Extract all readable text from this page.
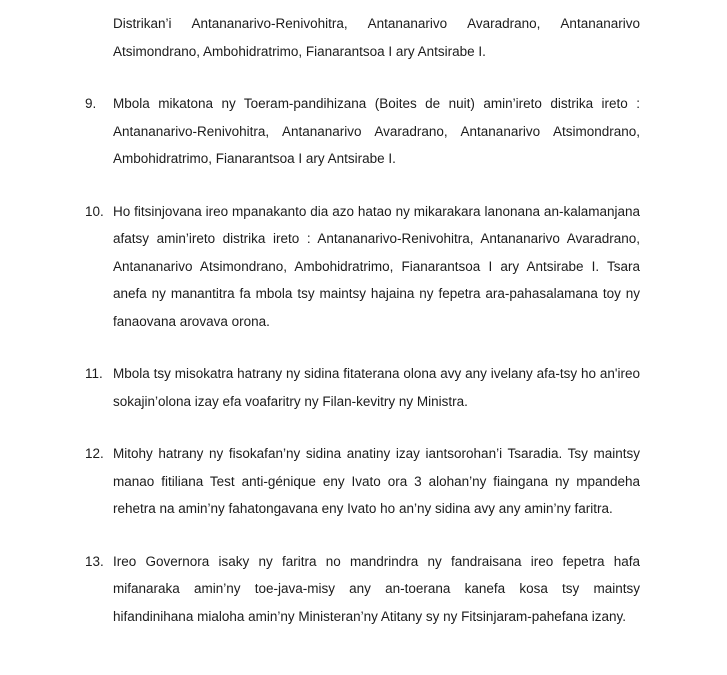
Distrikan’i Antananarivo-Renivohitra, Antananarivo Avaradrano, Antananarivo Atsimondrano, Ambohidratrimo, Fianarantsoa I ary Antsirabe I.

9.	Mbola mikatona ny Toeram-pandihizana (Boites de nuit) amin’ireto distrika ireto : Antananarivo-Renivohitra, Antananarivo Avaradrano, Antananarivo Atsimondrano, Ambohidratrimo, Fianarantsoa I ary Antsirabe I.
10. Ho fitsinjovana ireo mpanakanto dia azo hatao ny mikarakara lanonana an-kalamanjana afatsy amin’ireto distrika ireto : Antananarivo-Renivohitra, Antananarivo Avaradrano, Antananarivo Atsimondrano, Ambohidratrimo, Fianarantsoa I ary Antsirabe I. Tsara anefa ny manantitra fa mbola tsy maintsy hajaina ny fepetra ara-pahasalamana toy ny fanaovana arovava orona.
11. Mbola tsy misokatra hatrany ny sidina fitaterana olona avy any ivelany afa-tsy ho an'ireo sokajin’olona izay efa voafaritry ny Filan-kevitry ny Ministra.
12. Mitohy hatrany ny fisokafan’ny sidina anatiny izay iantsorohan’i Tsaradia. Tsy maintsy manao fitiliana Test anti-génique eny Ivato ora 3 alohan’ny fiaingana ny mpandeha rehetra na amin’ny fahatongavana eny Ivato ho an’ny sidina avy any amin’ny faritra.
13. Ireo Governora isaky ny faritra no mandrindra ny fandraisana ireo fepetra hafa mifanaraka amin’ny toe-java-misy any an-toerana kanefa kosa tsy maintsy hifandinihana mialoha amin’ny Ministeran’ny Atitany sy ny Fitsinjaram-pahefana izany.
